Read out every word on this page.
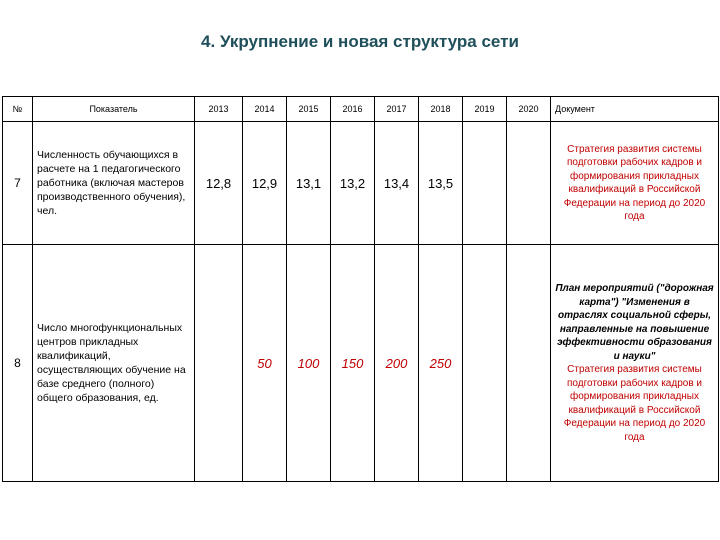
4. Укрупнение и новая структура сети
№	Показатель	2013	2014	2015	2016	2017	2018	2019	2020	Документ
7	Численность обучающихся в расчете на 1 педагогического работника (включая мастеров производственного обучения), чел.	12,8	12,9	13,1	13,2	13,4	13,5			Стратегия развития системы подготовки рабочих кадров и формирования прикладных квалификаций в Российской Федерации на период до 2020 года

8	Число многофункциональных центров прикладных квалификаций, осуществляющих обучение на базе среднего (полного) общего образования, ед.		50	100	150	200	250			План мероприятий ("дорожная карта") "Изменения в отраслях социальной сферы, направленные на повышение эффективности образования и науки"
Стратегия развития системы подготовки рабочих кадров и формирования прикладных квалификаций в Российской Федерации на период до 2020 года
